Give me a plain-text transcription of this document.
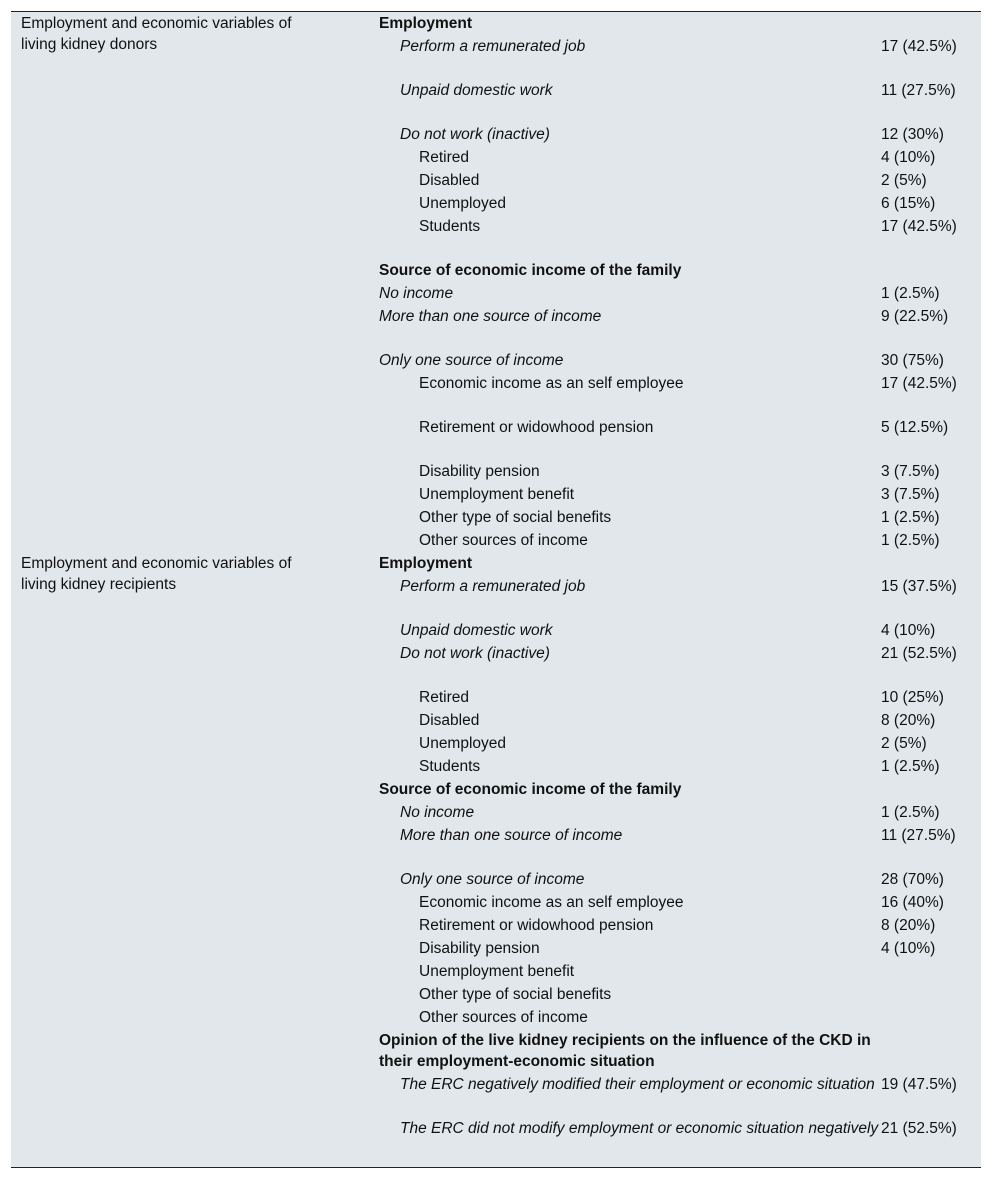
Employment and economic variables of living kidney donors
Employment
Perform a remunerated job	17 (42.5%)
Unpaid domestic work	11 (27.5%)
Do not work (inactive)	12 (30%)
Retired	4 (10%)
Disabled	2 (5%)
Unemployed	6 (15%)
Students	17 (42.5%)
Source of economic income of the family
No income	1 (2.5%)
More than one source of income	9 (22.5%)
Only one source of income	30 (75%)
Economic income as an self employee	17 (42.5%)
Retirement or widowhood pension	5 (12.5%)
Disability pension	3 (7.5%)
Unemployment benefit	3 (7.5%)
Other type of social benefits	1 (2.5%)
Other sources of income	1 (2.5%)
Employment and economic variables of living kidney recipients
Employment
Perform a remunerated job	15 (37.5%)
Unpaid domestic work	4 (10%)
Do not work (inactive)	21 (52.5%)
Retired	10 (25%)
Disabled	8 (20%)
Unemployed	2 (5%)
Students	1 (2.5%)
Source of economic income of the family
No income	1 (2.5%)
More than one source of income	11 (27.5%)
Only one source of income	28 (70%)
Economic income as an self employee	16 (40%)
Retirement or widowhood pension	8 (20%)
Disability pension	4 (10%)
Unemployment benefit
Other type of social benefits
Other sources of income
Opinion of the live kidney recipients on the influence of the CKD in their employment-economic situation
The ERC negatively modified their employment or economic situation 19 (47.5%)
The ERC did not modify employment or economic situation negatively 21 (52.5%)
